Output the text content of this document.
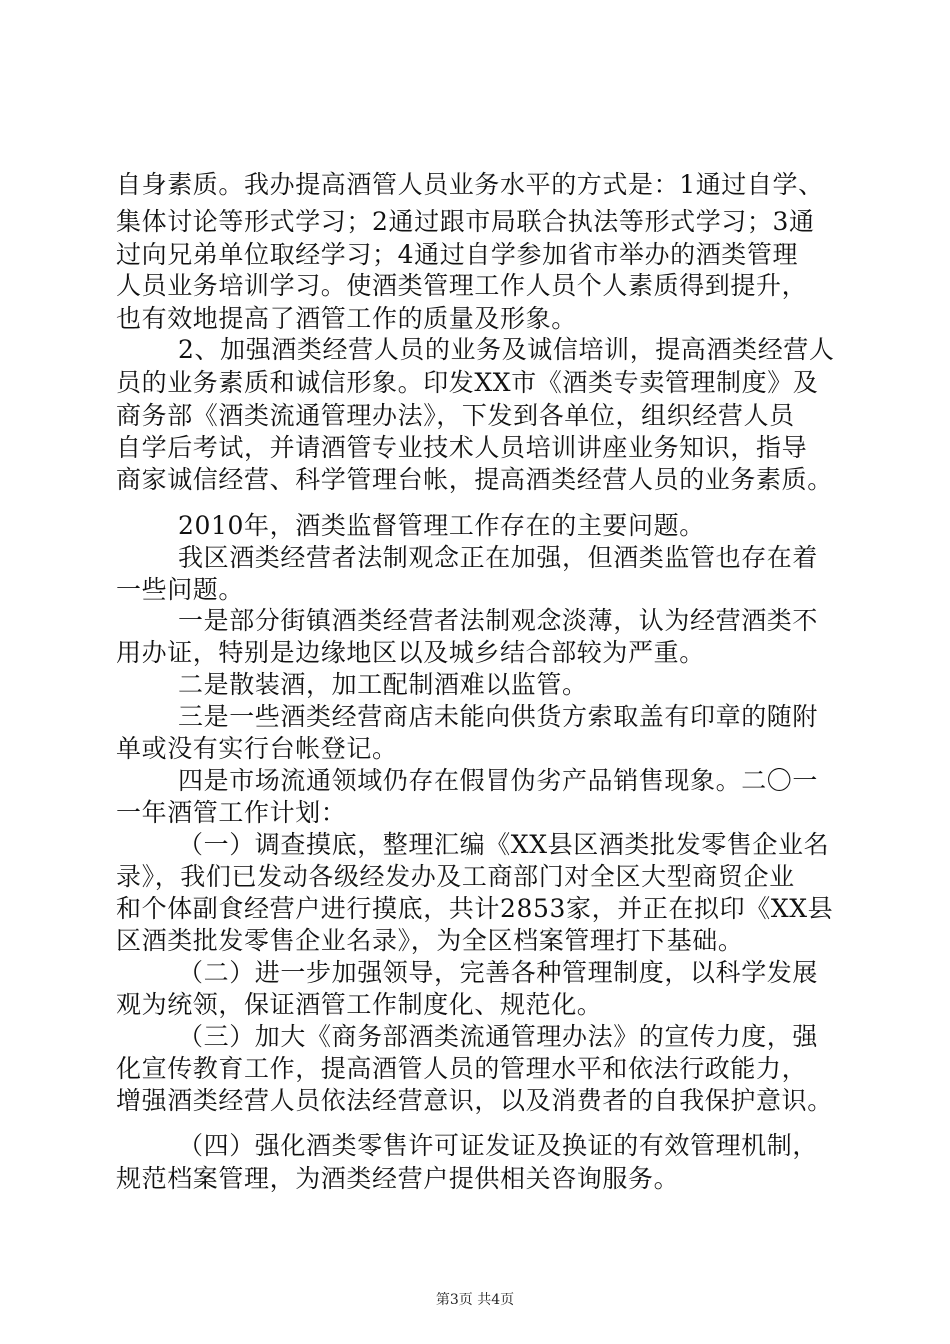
自身素质。我办提高酒管人员业务水平的方式是：1通过自学、
集体讨论等形式学习；2通过跟市局联合执法等形式学习；3通
过向兄弟单位取经学习；4通过自学参加省市举办的酒类管理
人员业务培训学习。使酒类管理工作人员个人素质得到提升，
也有效地提高了酒管工作的质量及形象。
2、加强酒类经营人员的业务及诚信培训，提高酒类经营人
员的业务素质和诚信形象。印发XX市《酒类专卖管理制度》及
商务部《酒类流通管理办法》，下发到各单位，组织经营人员
自学后考试，并请酒管专业技术人员培训讲座业务知识，指导
商家诚信经营、科学管理台帐，提高酒类经营人员的业务素质。
2010年，酒类监督管理工作存在的主要问题。
我区酒类经营者法制观念正在加强，但酒类监管也存在着
一些问题。
一是部分街镇酒类经营者法制观念淡薄，认为经营酒类不
用办证，特别是边缘地区以及城乡结合部较为严重。
二是散装酒，加工配制酒难以监管。
三是一些酒类经营商店未能向供货方索取盖有印章的随附
单或没有实行台帐登记。
四是市场流通领域仍存在假冒伪劣产品销售现象。二〇一
一年酒管工作计划：
（一）调查摸底，整理汇编《XX县区酒类批发零售企业名
录》，我们已发动各级经发办及工商部门对全区大型商贸企业
和个体副食经营户进行摸底，共计2853家，并正在拟印《XX县
区酒类批发零售企业名录》，为全区档案管理打下基础。
（二）进一步加强领导，完善各种管理制度，以科学发展
观为统领，保证酒管工作制度化、规范化。
（三）加大《商务部酒类流通管理办法》的宣传力度，强
化宣传教育工作，提高酒管人员的管理水平和依法行政能力，
增强酒类经营人员依法经营意识，以及消费者的自我保护意识。
（四）强化酒类零售许可证发证及换证的有效管理机制，
规范档案管理，为酒类经营户提供相关咨询服务。
第3页 共4页
